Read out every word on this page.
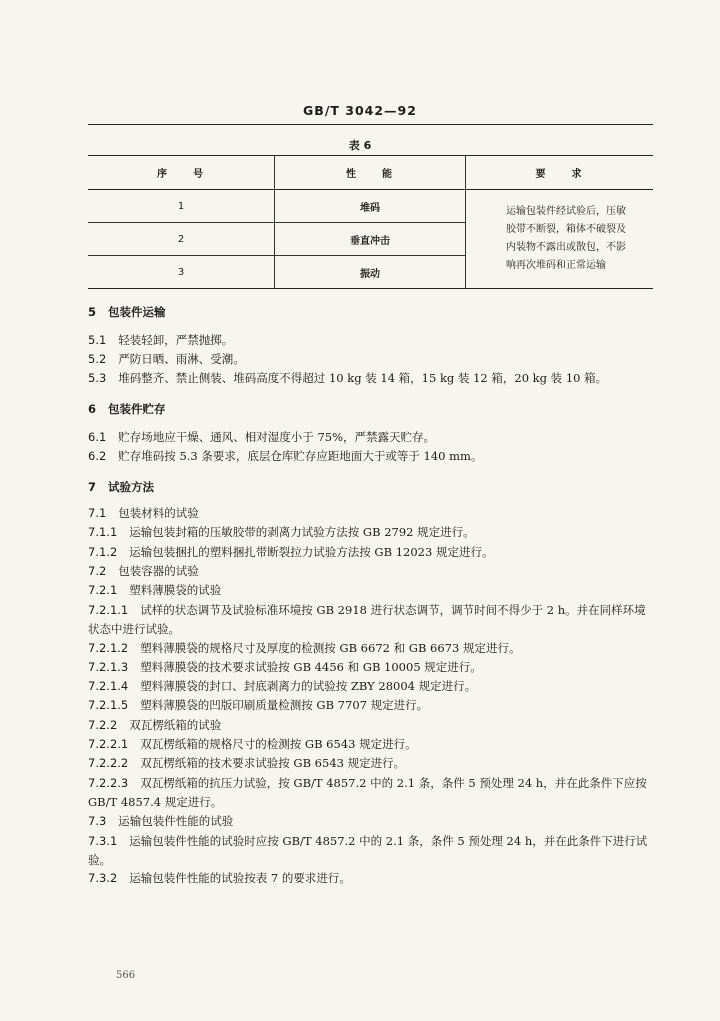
GB/T 3042—92
表 6
序　　号	性　　能	要　　求
1	堆码	运输包装件经试验后，压敏胶带不断裂，箱体不破裂及内装物不露出或散包，不影响再次堆码和正常运输
2	垂直冲击	
3	振动	
5 包装件运输
5.1 轻装轻卸，严禁抛掷。
5.2 严防日晒、雨淋、受潮。
5.3 堆码整齐、禁止侧装、堆码高度不得超过 10 kg 装 14 箱，15 kg 装 12 箱，20 kg 装 10 箱。
6 包装件贮存
6.1 贮存场地应干燥、通风、相对湿度小于 75%，严禁露天贮存。
6.2 贮存堆码按 5.3 条要求，底层仓库贮存应距地面大于或等于 140 mm。
7 试验方法
7.1 包装材料的试验
7.1.1 运输包装封箱的压敏胶带的剥离力试验方法按 GB 2792 规定进行。
7.1.2 运输包装捆扎的塑料捆扎带断裂拉力试验方法按 GB 12023 规定进行。
7.2 包装容器的试验
7.2.1 塑料薄膜袋的试验
7.2.1.1 试样的状态调节及试验标准环境按 GB 2918 进行状态调节，调节时间不得少于 2 h。并在同样环境状态中进行试验。
7.2.1.2 塑料薄膜袋的规格尺寸及厚度的检测按 GB 6672 和 GB 6673 规定进行。
7.2.1.3 塑料薄膜袋的技术要求试验按 GB 4456 和 GB 10005 规定进行。
7.2.1.4 塑料薄膜袋的封口、封底剥离力的试验按 ZBY 28004 规定进行。
7.2.1.5 塑料薄膜袋的凹版印刷质量检测按 GB 7707 规定进行。
7.2.2 双瓦楞纸箱的试验
7.2.2.1 双瓦楞纸箱的规格尺寸的检测按 GB 6543 规定进行。
7.2.2.2 双瓦楞纸箱的技术要求试验按 GB 6543 规定进行。
7.2.2.3 双瓦楞纸箱的抗压力试验，按 GB/T 4857.2 中的 2.1 条，条件 5 预处理 24 h，并在此条件下应按 GB/T 4857.4 规定进行。
7.3 运输包装件性能的试验
7.3.1 运输包装件性能的试验时应按 GB/T 4857.2 中的 2.1 条，条件 5 预处理 24 h，并在此条件下进行试验。
7.3.2 运输包装件性能的试验按表 7 的要求进行。
566
